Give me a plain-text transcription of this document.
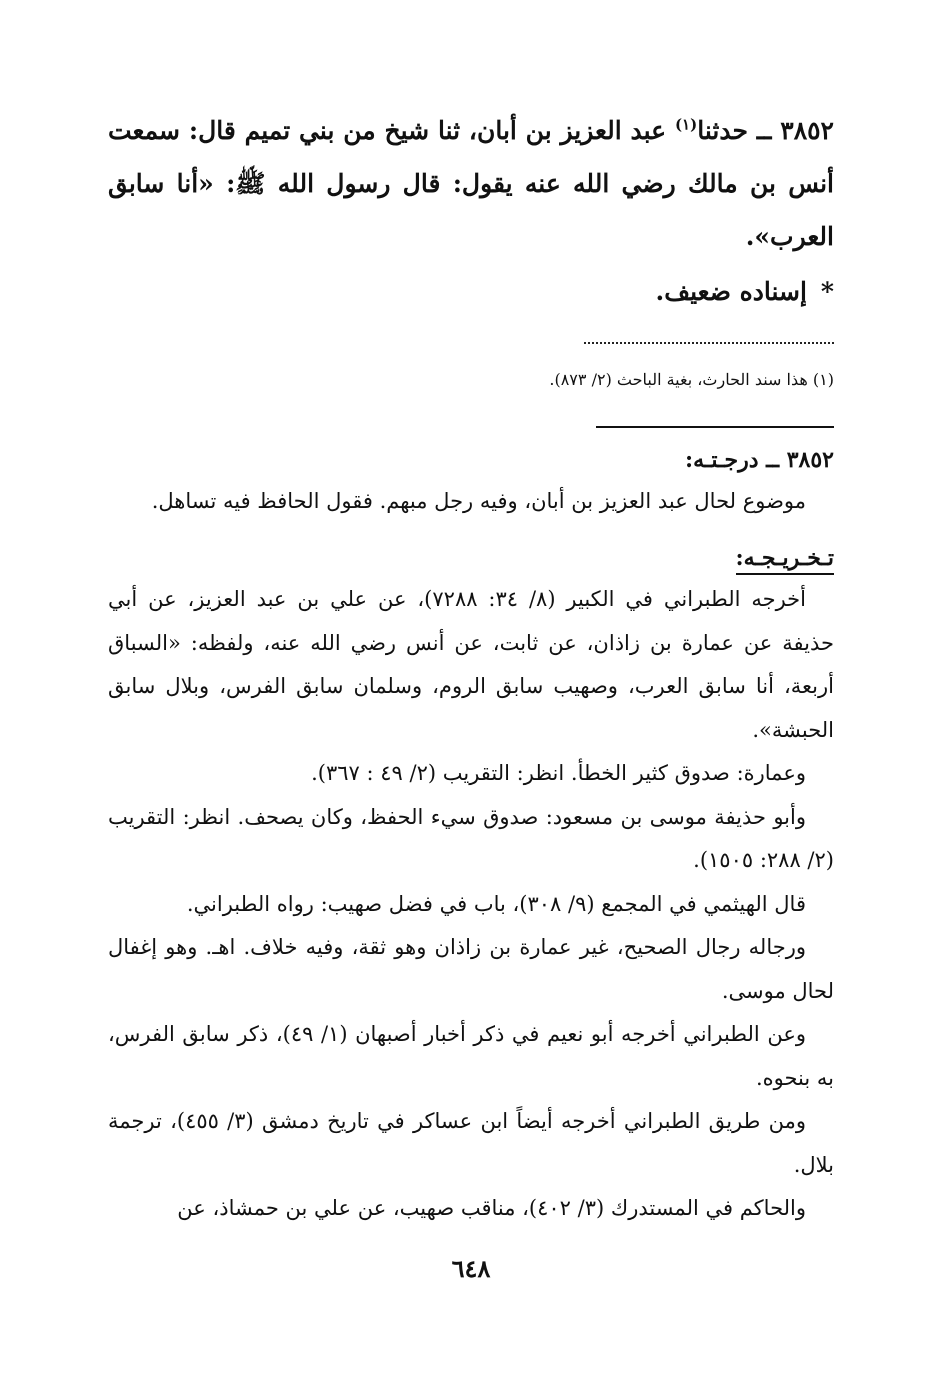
٣٨٥٢ ــ حدثنا$^{(١)}$ عبد العزيز بن أبان، ثنا شيخ من بني تميم قال: سمعت أنس بن مالك رضي الله عنه يقول: قال رسول الله ﷺ: «أنا سابق العرب».
*إسناده ضعيف.
(١) هذا سند الحارث، بغية الباحث (٢/ ٨٧٣).
٣٨٥٢ ــ درجـتـه:

موضوع لحال عبد العزيز بن أبان، وفيه رجل مبهم. فقول الحافظ فيه تساهل.

تـخـريـجـه:

أخرجه الطبراني في الكبير (٨/ ٣٤: ٧٢٨٨)، عن علي بن عبد العزيز، عن أبي حذيفة عن عمارة بن زاذان، عن ثابت، عن أنس رضي الله عنه، ولفظه: «السباق أربعة، أنا سابق العرب، وصهيب سابق الروم، وسلمان سابق الفرس، وبلال سابق الحبشة».

وعمارة: صدوق كثير الخطأ. انظر: التقريب (٢/ ٤٩ : ٣٦٧).

وأبو حذيفة موسى بن مسعود: صدوق سيء الحفظ، وكان يصحف. انظر: التقريب (٢/ ٢٨٨: ١٥٠٥).

قال الهيثمي في المجمع (٩/ ٣٠٨)، باب في فضل صهيب: رواه الطبراني.

ورجاله رجال الصحيح، غير عمارة بن زاذان وهو ثقة، وفيه خلاف. اهـ. وهو إغفال لحال موسى.

وعن الطبراني أخرجه أبو نعيم في ذكر أخبار أصبهان (١/ ٤٩)، ذكر سابق الفرس، به بنحوه.

ومن طريق الطبراني أخرجه أيضاً ابن عساكر في تاريخ دمشق (٣/ ٤٥٥)، ترجمة بلال.

والحاكم في المستدرك (٣/ ٤٠٢)، مناقب صهيب، عن علي بن حمشاذ، عن

٦٤٨
